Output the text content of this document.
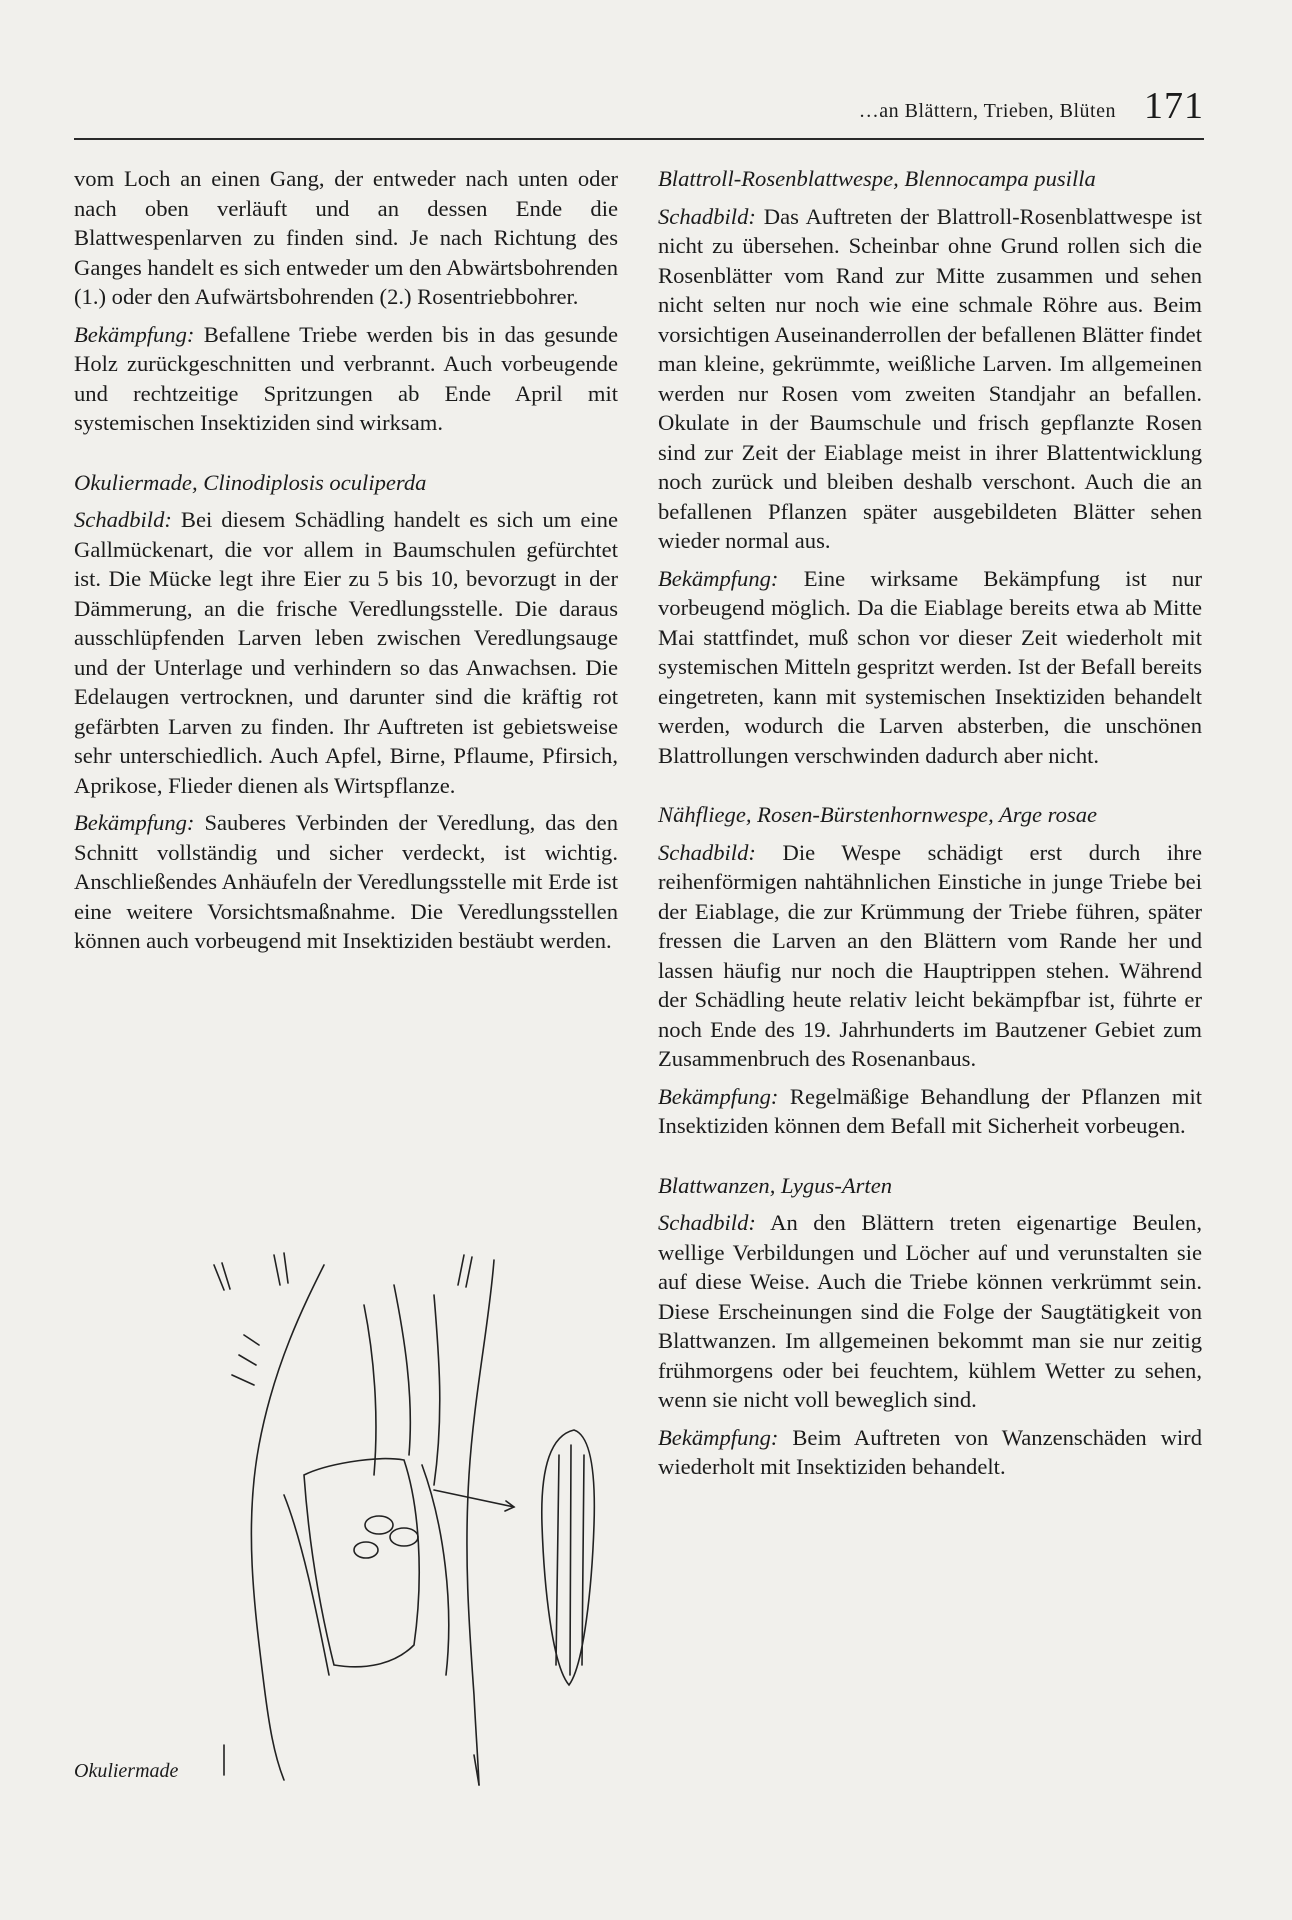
…an Blättern, Trieben, Blüten 171

vom Loch an einen Gang, der entweder nach unten oder nach oben verläuft und an dessen Ende die Blattwespenlarven zu finden sind. Je nach Richtung des Ganges handelt es sich entweder um den Abwärtsbohrenden (1.) oder den Aufwärtsbohrenden (2.) Rosentriebbohrer.

Bekämpfung: Befallene Triebe werden bis in das gesunde Holz zurückgeschnitten und verbrannt. Auch vorbeugende und rechtzeitige Spritzungen ab Ende April mit systemischen Insektiziden sind wirksam.

Okuliermade, Clinodiplosis oculiperda

Schadbild: Bei diesem Schädling handelt es sich um eine Gallmückenart, die vor allem in Baumschulen gefürchtet ist. Die Mücke legt ihre Eier zu 5 bis 10, bevorzugt in der Dämmerung, an die frische Veredlungsstelle. Die daraus ausschlüpfenden Larven leben zwischen Veredlungsauge und der Unterlage und verhindern so das Anwachsen. Die Edelaugen vertrocknen, und darunter sind die kräftig rot gefärbten Larven zu finden. Ihr Auftreten ist gebietsweise sehr unterschiedlich. Auch Apfel, Birne, Pflaume, Pfirsich, Aprikose, Flieder dienen als Wirtspflanze.

Bekämpfung: Sauberes Verbinden der Veredlung, das den Schnitt vollständig und sicher verdeckt, ist wichtig. Anschließendes Anhäufeln der Veredlungsstelle mit Erde ist eine weitere Vorsichtsmaßnahme. Die Veredlungsstellen können auch vorbeugend mit Insektiziden bestäubt werden.

Okuliermade

Blattroll-Rosenblattwespe, Blennocampa pusilla

Schadbild: Das Auftreten der Blattroll-Rosenblattwespe ist nicht zu übersehen. Scheinbar ohne Grund rollen sich die Rosenblätter vom Rand zur Mitte zusammen und sehen nicht selten nur noch wie eine schmale Röhre aus. Beim vorsichtigen Auseinanderrollen der befallenen Blätter findet man kleine, gekrümmte, weißliche Larven. Im allgemeinen werden nur Rosen vom zweiten Standjahr an befallen. Okulate in der Baumschule und frisch gepflanzte Rosen sind zur Zeit der Eiablage meist in ihrer Blattentwicklung noch zurück und bleiben deshalb verschont. Auch die an befallenen Pflanzen später ausgebildeten Blätter sehen wieder normal aus.

Bekämpfung: Eine wirksame Bekämpfung ist nur vorbeugend möglich. Da die Eiablage bereits etwa ab Mitte Mai stattfindet, muß schon vor dieser Zeit wiederholt mit systemischen Mitteln gespritzt werden. Ist der Befall bereits eingetreten, kann mit systemischen Insektiziden behandelt werden, wodurch die Larven absterben, die unschönen Blattrollungen verschwinden dadurch aber nicht.

Nähfliege, Rosen-Bürstenhornwespe, Arge rosae

Schadbild: Die Wespe schädigt erst durch ihre reihenförmigen nahtähnlichen Einstiche in junge Triebe bei der Eiablage, die zur Krümmung der Triebe führen, später fressen die Larven an den Blättern vom Rande her und lassen häufig nur noch die Hauptrippen stehen. Während der Schädling heute relativ leicht bekämpfbar ist, führte er noch Ende des 19. Jahrhunderts im Bautzener Gebiet zum Zusammenbruch des Rosenanbaus.

Bekämpfung: Regelmäßige Behandlung der Pflanzen mit Insektiziden können dem Befall mit Sicherheit vorbeugen.

Blattwanzen, Lygus-Arten

Schadbild: An den Blättern treten eigenartige Beulen, wellige Verbildungen und Löcher auf und verunstalten sie auf diese Weise. Auch die Triebe können verkrümmt sein. Diese Erscheinungen sind die Folge der Saugtätigkeit von Blattwanzen. Im allgemeinen bekommt man sie nur zeitig frühmorgens oder bei feuchtem, kühlem Wetter zu sehen, wenn sie nicht voll beweglich sind.

Bekämpfung: Beim Auftreten von Wanzenschäden wird wiederholt mit Insektiziden behandelt.
